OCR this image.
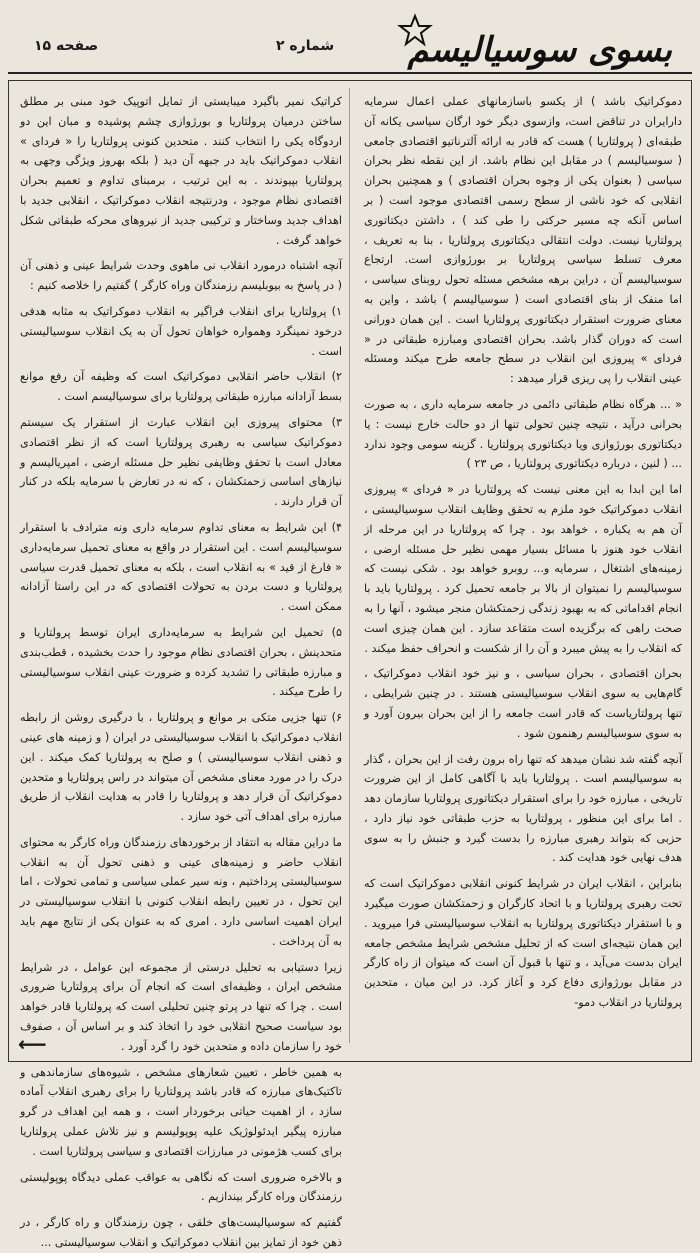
صفحه ۱۵	شماره ۲ بسوی سوسیالیسم

دموکراتیک باشد ) از یکسو باسازمانهای عملی اعمال سرمایه دارایران در تناقض است، وازسوی دیگر خود ارگان سیاسی یکانه آن طبقه‌ای ( پرولتاریا ) هست که قادر به ارائه آلترناتیو اقتصادی جامعی ( سوسیالیسم ) در مقابل این نظام باشد. از این نقطه نظر بحران سیاسی ( بعنوان یکی از وجوه بحران اقتصادی ) و همچنین بحران انقلابی که خود ناشی از سطح رسمی اقتصادی موجود است ( بر اساس آنکه چه مسیر حرکتی را طی کند ) ، داشتن دیکتاتوری پرولتاریا نیست. دولت انتقالی دیکتاتوری پرولتاریا ، بنا به تعریف ، معرف تسلط سیاسی پرولتاریا بر بورژوازی است. ارتجاع سوسیالیسم آن ، دراین برهه مشخص مسئله تحول روبنای سیاسی ، اما منفک از بنای اقتصادی است ( سوسیالیسم ) باشد ، واین به معنای ضرورت استقرار دیکتاتوری پرولتاریا است . این همان دورانی است که دوران گذار باشد. بحران اقتصادی ومبارزه طبقاتی در « فردای » پیروزی این انقلاب در سطح جامعه طرح میکند ومسئله عینی انقلاب را پی ریزی قرار میدهد :

« ... هرگاه نظام طبقاتی دائمی در جامعه سرمایه داری ، به صورت بحرانی درآید ، نتیجه چنین تحولی تنها از دو حالت خارج نیست : یا دیکتاتوری بورژوازی ویا دیکتاتوری پرولتاریا . گزینه سومی وجود ندارد ... ( لنین ، درباره دیکتاتوری پرولتاریا ، ص ۲۳ )

اما این ابدا به این معنی نیست که پرولتاریا در « فردای » پیروزی انقلاب دموکراتیک خود ملزم به تحقق وظایف انقلاب سوسیالیستی ، آن هم به‌ یکباره ، خواهد بود . چرا که پرولتاریا در این مرحله از انقلاب خود هنوز با مسائل بسیار مهمی نظیر حل مسئله ارضی ، زمینه‌های اشتغال ، سرمایه و... روبرو خواهد بود . شکی نیست که سوسیالیسم را نمیتوان از بالا بر جامعه تحمیل کرد . پرولتاریا باید با انجام اقداماتی که به بهبود زندگی زحمتکشان منجر میشود ، آنها را به صحت راهی که برگزیده است متقاعد سازد . این همان چیزی است که انقلاب را به پیش میبرد و آن را از شکست و انحراف حفظ میکند .

بحران اقتصادی ، بحران سیاسی ، و نیز خود انقلاب دموکراتیک ، گام‌هایی به سوی انقلاب سوسیالیستی هستند . در چنین شرایطی ، تنها پرولتاریاست که قادر است جامعه را از این بحران بیرون آورد و به سوی سوسیالیسم رهنمون شود .

آنچه گفته شد نشان میدهد که تنها راه برون رفت از این بحران ، گذار به سوسیالیسم است . پرولتاریا باید با آگاهی کامل از این ضرورت تاریخی ، مبارزه خود را برای استقرار دیکتاتوری پرولتاریا سازمان دهد . اما برای این منظور ، پرولتاریا به حزب طبقاتی خود نیاز دارد ، حزبی که بتواند رهبری مبارزه را بدست گیرد و جنبش را به سوی هدف نهایی خود هدایت کند .

بنابراین ، انقلاب ایران در شرایط کنونی انقلابی دموکراتیک است که تحت رهبری پرولتاریا و با اتحاد کارگران و زحمتکشان صورت میگیرد و با استقرار دیکتاتوری پرولتاریا به انقلاب سوسیالیستی فرا میروید . این همان نتیجه‌ای است که از تحلیل مشخص شرایط مشخص جامعه ایران بدست می‌آید ، و تنها با قبول آن است که میتوان از راه کارگر در مقابل بورژوازی دفاع کرد و آغاز کرد. در این میان ، متحدین پرولتاریا در انقلاب دمو-

کراتیک نمیر باگیرد میبایستی از تمایل اتوپیک خود مبنی بر مطلق ساختن درمیان پرولتاریا و بورژوازی چشم پوشیده و مبان این دو اردوگاه یکی را انتخاب کنند . متحدین کنونی پرولتاریا را « فردای » انقلاب دموکراتیک باید در جبهه آن دید ( بلکه بهروز ویژگی وجهی به پرولتاریا بپیوندند . به این ترتیب ، برمبنای تداوم و تعمیم بحران اقتصادی نظام موجود ، ودرنتیجه انقلاب دموکراتیک ، انقلابی جدید با اهداف جدید وساختار و ترکیبی جدید از نیروهای محرکه طبقاتی شکل خواهد گرفت .

آنچه اشتباه درمورد انقلاب نی ماهوی وحدت شرایط عینی و ذهنی آن ( در پاسخ به بیوبلیسم رزمندگان وراه کارگر ) گفتیم را خلاصه کنیم :

۱) پرولتاریا برای انقلاب فراگیر به انقلاب دموکراتیک به مثابه هدفی درخود نمینگرد وهمواره خواهان تحول آن به یک انقلاب سوسیالیستی است .

۲) انقلاب حاضر انقلابی دموکراتیک است که وظیفه آن رفع موانع بسط آزادانه مبارزه طبقاتی پرولتاریا برای سوسیالیسم است .

۳) محتوای پیروزی این انقلاب عبارت از استقرار یک سیستم دموکراتیک سیاسی به رهبری پرولتاریا است که از نظر اقتصادی معادل است با تحقق وظایفی نظیر حل مسئله ارضی ، امپریالیسم و نیازهای اساسی زحمتکشان ، که نه در تعارض با سرمایه بلکه در کنار آن قرار دارند .

۴) این شرایط به معنای تداوم سرمایه داری ونه مترادف با استقرار سوسیالیسم است . این استقرار در واقع به معنای تحمیل سرمایه‌داری « فارغ از قید » به انقلاب است ، بلکه به معنای تحمیل قدرت سیاسی پرولتاریا و دست بردن به تحولات اقتصادی که در این راستا آزادانه ممکن است .

۵) تحمیل این شرایط به سرمایه‌داری ایران توسط پرولتاریا و متحدینش ، بحران اقتصادی نظام موجود را حدت بخشیده ، قطب‌بندی و مبارزه طبقاتی را تشدید کرده و ضرورت عینی انقلاب سوسیالیستی را طرح میکند .

۶) تنها جزیی متکی بر موانع و پرولتاریا ، با درگیری روشن از رابطه انقلاب دموکراتیک با انقلاب سوسیالیستی در ایران ( و زمینه های عینی و ذهنی انقلاب سوسیالیستی ) و صلح به پرولتاریا کمک میکند . این درک را در مورد معنای مشخص آن میتواند در راس پرولتاریا و متحدین دموکراتیک آن قرار دهد و پرولتاریا را قادر به هدایت انقلاب از طریق مبارزه برای اهداف آتی خود سازد .

ما دراین مقاله به انتقاد از برخوردهای رزمندگان وراه کارگر به محتوای انقلاب حاضر و زمینه‌های عینی و ذهنی تحول آن به انقلاب سوسیالیستی پرداختیم ، ونه سیر عملی سیاسی و تمامی تحولات ، اما این تحول ، در تعیین رابطه انقلاب کنونی با انقلاب سوسیالیستی در ایران اهمیت اساسی دارد . امری که به عنوان یکی از نتایج مهم باید به آن پرداخت .

زیرا دستیابی به تحلیل درستی از مجموعه این عوامل ، در شرایط مشخص ایران ، وظیفه‌ای است که انجام آن برای پرولتاریا ضروری است . چرا که تنها در پرتو چنین تحلیلی است که پرولتاریا قادر خواهد بود سیاست صحیح انقلابی خود را اتخاذ کند و بر اساس آن ، صفوف خود را سازمان داده و متحدین خود را گرد آورد .

به همین خاطر ، تعیین شعارهای مشخص ، شیوه‌های سازماندهی و تاکتیک‌های مبارزه که قادر باشد پرولتاریا را برای رهبری انقلاب آماده سازد ، از اهمیت حیاتی برخوردار است ، و همه این اهداف در گرو مبارزه پیگیر ایدئولوژیک علیه پوپولیسم و نیز تلاش عملی پرولتاریا برای کسب هژمونی در مبارزات اقتصادی و سیاسی پرولتاریا است .

و بالاخره ضروری است که نگاهی به عواقب عملی دیدگاه پوپولیستی رزمندگان وراه کارگر بیندازیم .

گفتیم که سوسیالیست‌های خلقی ، چون رزمندگان و راه کارگر ، در ذهن خود از تمایز بین انقلاب دموکراتیک و انقلاب سوسیالیستی ...

⟵
